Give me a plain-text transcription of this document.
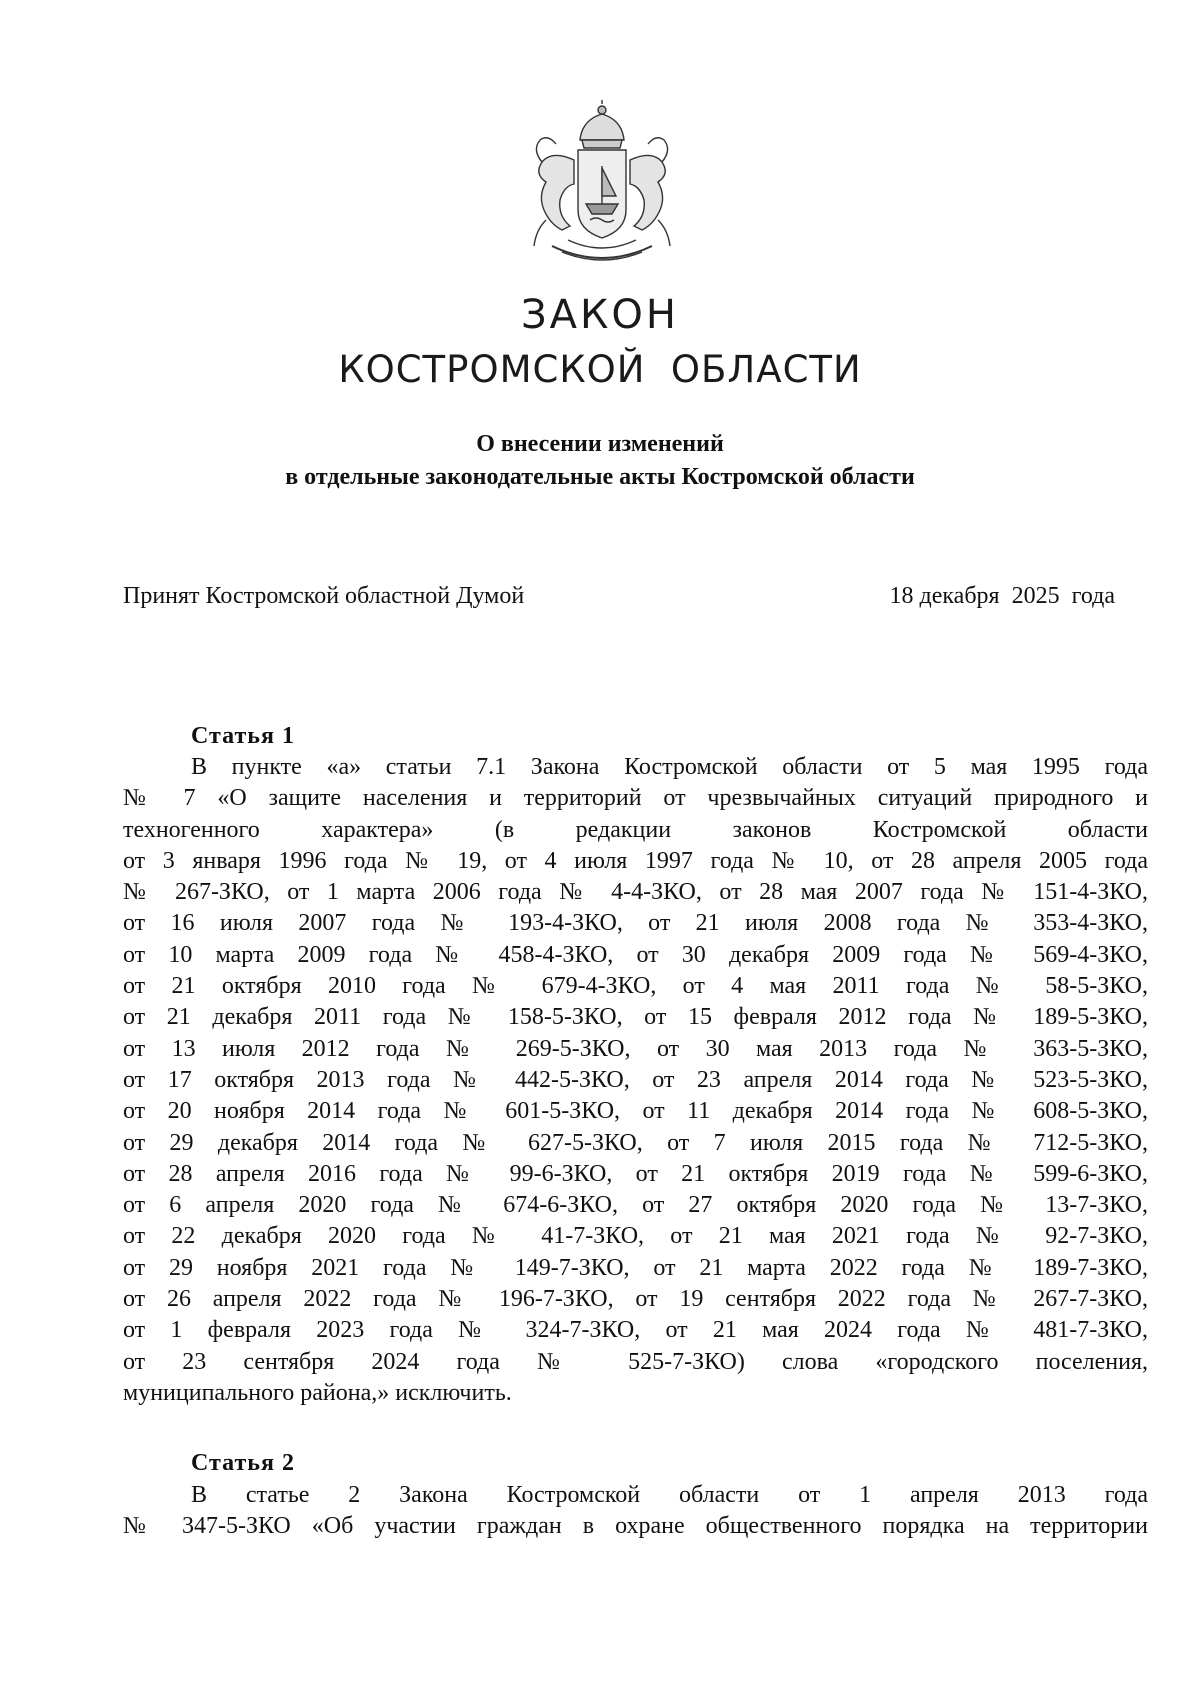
ЗАКОН
КОСТРОМСКОЙ  ОБЛАСТИ
О внесении изменений
в отдельные законодательные акты Костромской области
Принят Костромской областной Думой	18 декабря  2025  года
Статья 1
В пункте «а» статьи 7.1 Закона Костромской области от 5 мая 1995 года
№ 7 «О защите населения и территорий от чрезвычайных ситуаций природного и
техногенного характера» (в редакции законов Костромской области
от 3 января 1996 года № 19, от 4 июля 1997 года № 10, от 28 апреля 2005 года
№ 267-ЗКО, от 1 марта 2006 года № 4-4-ЗКО, от 28 мая 2007 года № 151-4-ЗКО,
от 16 июля 2007 года № 193-4-ЗКО, от 21 июля 2008 года № 353-4-ЗКО,
от 10 марта 2009 года № 458-4-ЗКО, от 30 декабря 2009 года № 569-4-ЗКО,
от 21 октября 2010 года № 679-4-ЗКО, от 4 мая 2011 года № 58-5-ЗКО,
от 21 декабря 2011 года № 158-5-ЗКО, от 15 февраля 2012 года № 189-5-ЗКО,
от 13 июля 2012 года № 269-5-ЗКО, от 30 мая 2013 года № 363-5-ЗКО,
от 17 октября 2013 года № 442-5-ЗКО, от 23 апреля 2014 года № 523-5-ЗКО,
от 20 ноября 2014 года № 601-5-ЗКО, от 11 декабря 2014 года № 608-5-ЗКО,
от 29 декабря 2014 года № 627-5-ЗКО, от 7 июля 2015 года № 712-5-ЗКО,
от 28 апреля 2016 года № 99-6-ЗКО, от 21 октября 2019 года № 599-6-ЗКО,
от 6 апреля 2020 года № 674-6-ЗКО, от 27 октября 2020 года № 13-7-ЗКО,
от 22 декабря 2020 года № 41-7-ЗКО, от 21 мая 2021 года № 92-7-ЗКО,
от 29 ноября 2021 года № 149-7-ЗКО, от 21 марта 2022 года № 189-7-ЗКО,
от 26 апреля 2022 года № 196-7-ЗКО, от 19 сентября 2022 года № 267-7-ЗКО,
от 1 февраля 2023 года № 324-7-ЗКО, от 21 мая 2024 года № 481-7-ЗКО,
от 23 сентября 2024 года № 525-7-ЗКО) слова «городского поселения,
муниципального района,» исключить.
Статья 2
В статье 2 Закона Костромской области от 1 апреля 2013 года
№ 347-5-ЗКО «Об участии граждан в охране общественного порядка на территории
